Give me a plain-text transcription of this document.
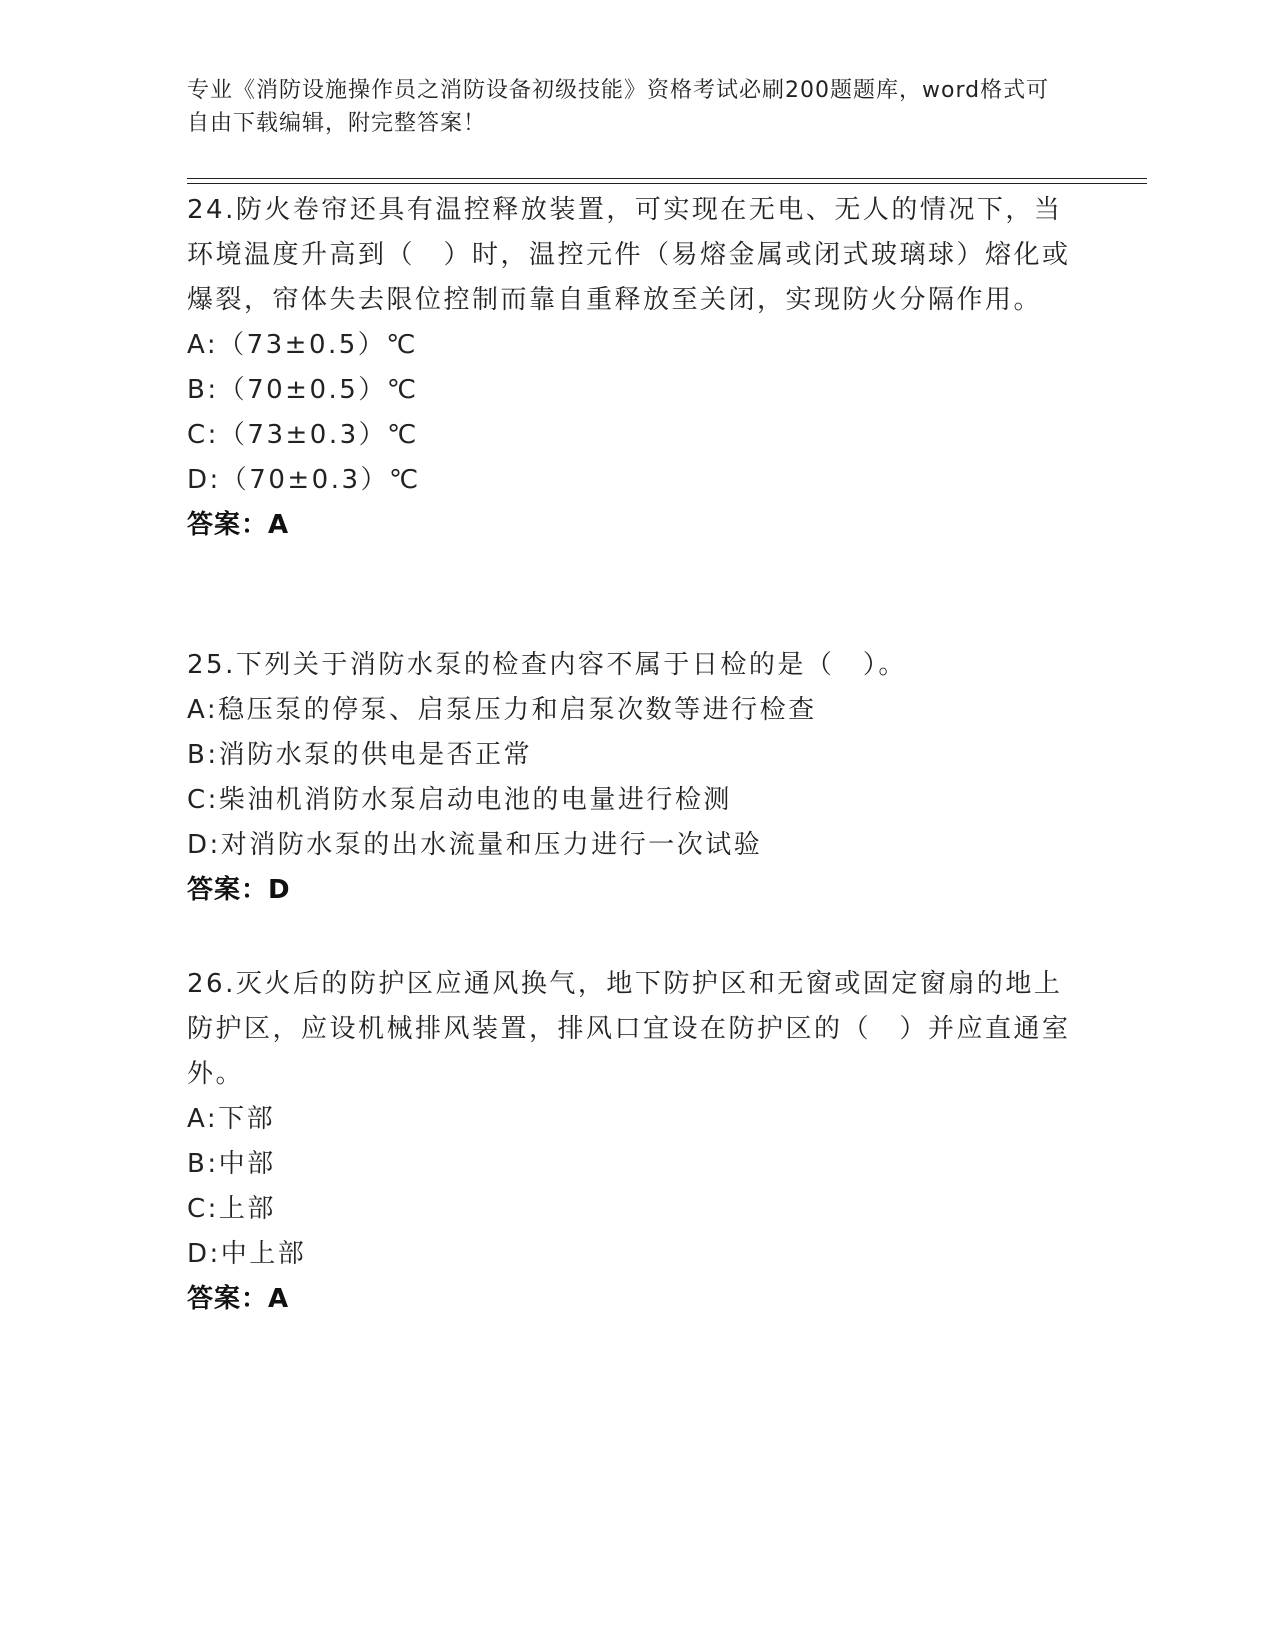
专业《消防设施操作员之消防设备初级技能》资格考试必刷200题题库，word格式可自由下载编辑，附完整答案！

24.防火卷帘还具有温控释放装置，可实现在无电、无人的情况下，当环境温度升高到（　）时，温控元件（易熔金属或闭式玻璃球）熔化或爆裂，帘体失去限位控制而靠自重释放至关闭，实现防火分隔作用。

A:（73±0.5）℃

B:（70±0.5）℃

C:（73±0.3）℃

D:（70±0.3）℃

答案：A

25.下列关于消防水泵的检查内容不属于日检的是（　）。

A:稳压泵的停泵、启泵压力和启泵次数等进行检查

B:消防水泵的供电是否正常

C:柴油机消防水泵启动电池的电量进行检测

D:对消防水泵的出水流量和压力进行一次试验

答案：D

26.灭火后的防护区应通风换气，地下防护区和无窗或固定窗扇的地上防护区，应设机械排风装置，排风口宜设在防护区的（　）并应直通室外。

A:下部

B:中部

C:上部

D:中上部

答案：A
